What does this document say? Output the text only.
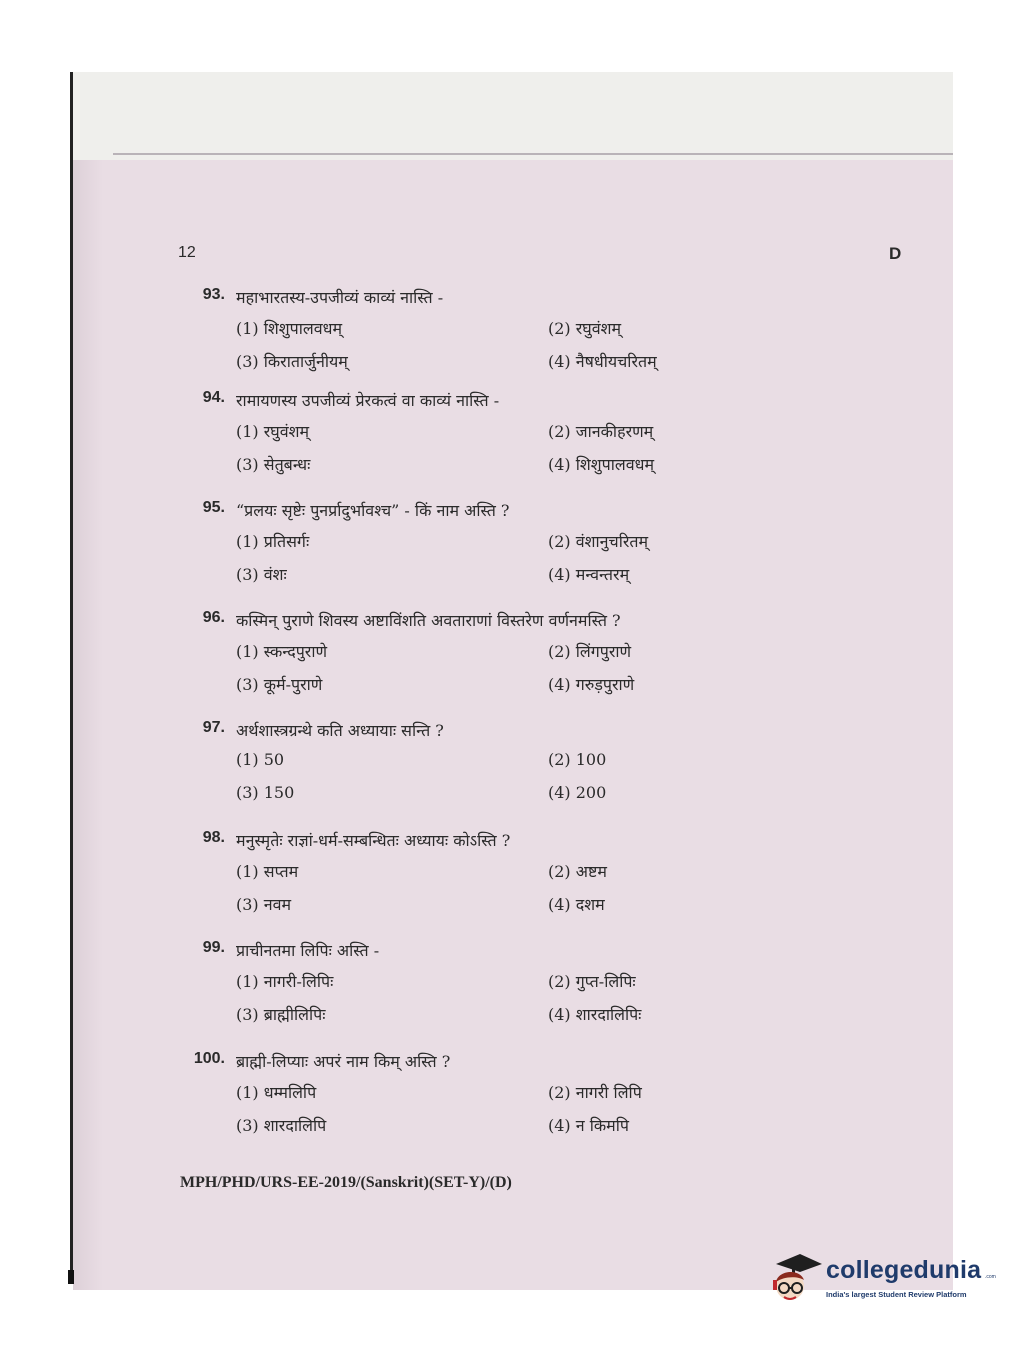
12	D
93. महाभारतस्य-उपजीव्यं काव्यं नास्ति -
(1) शिशुपालवधम्	(2) रघुवंशम्
(3) किरातार्जुनीयम्	(4) नैषधीयचरितम्
94. रामायणस्य उपजीव्यं प्रेरकत्वं वा काव्यं नास्ति -
(1) रघुवंशम्	(2) जानकीहरणम्
(3) सेतुबन्धः	(4) शिशुपालवधम्
95. “प्रलयः सृष्टेः पुनर्प्रादुर्भावश्च” - किं नाम अस्ति ?
(1) प्रतिसर्गः	(2) वंशानुचरितम्
(3) वंशः	(4) मन्वन्तरम्
96. कस्मिन् पुराणे शिवस्य अष्टाविंशति अवताराणां विस्तरेण वर्णनमस्ति ?
(1) स्कन्दपुराणे	(2) लिंगपुराणे
(3) कूर्म-पुराणे	(4) गरुड़पुराणे
97. अर्थशास्त्रग्रन्थे कति अध्यायाः सन्ति ?
(1) 50	(2) 100
(3) 150	(4) 200
98. मनुस्मृतेः राज्ञां-धर्म-सम्बन्धितः अध्यायः कोऽस्ति ?
(1) सप्तम	(2) अष्टम
(3) नवम	(4) दशम
99. प्राचीनतमा लिपिः अस्ति -
(1) नागरी-लिपिः	(2) गुप्त-लिपिः
(3) ब्राह्मीलिपिः	(4) शारदालिपिः
100. ब्राह्मी-लिप्याः अपरं नाम किम् अस्ति ?
(1) धम्मलिपि	(2) नागरी लिपि
(3) शारदालिपि	(4) न किमपि
MPH/PHD/URS-EE-2019/(Sanskrit)(SET-Y)/(D)
collegedunia .com
India's largest Student Review Platform
